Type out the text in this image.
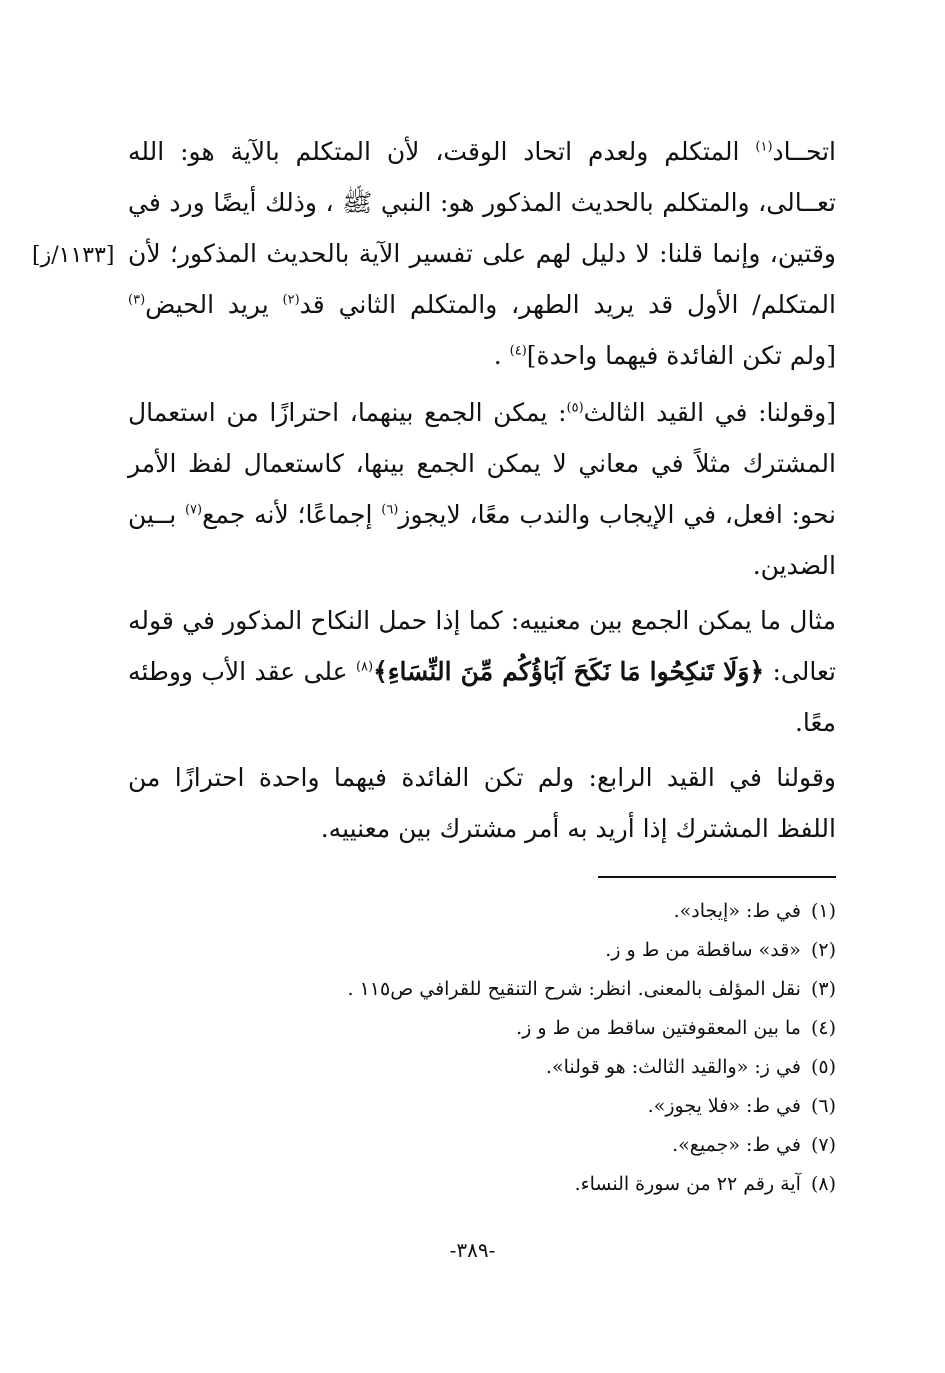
[١١٣٣/ز]

اتحــاد$^{(١)}$ المتكلم ولعدم اتحاد الوقت، لأن المتكلم بالآية هو: الله تعــالى، والمتكلم بالحديث المذكور هو: النبي ﷺ ، وذلك أيضًا ورد في وقتين، وإنما قلنا: لا دليل لهم على تفسير الآية بالحديث المذكور؛ لأن المتكلم/ الأول قد يريد الطهر، والمتكلم الثاني قد$^{(٢)}$ يريد الحيض$^{(٣)}$ [ولم تكن الفائدة فيهما واحدة]$^{(٤)}$ .

[وقولنا: في القيد الثالث$^{(٥)}$: يمكن الجمع بينهما، احترازًا من استعمال المشترك مثلاً في معاني لا يمكن الجمع بينها، كاستعمال لفظ الأمر نحو: افعل، في الإيجاب والندب معًا، لايجوز$^{(٦)}$ إجماعًا؛ لأنه جمع$^{(٧)}$ بــين الضدين.

مثال ما يمكن الجمع بين معنييه: كما إذا حمل النكاح المذكور في قوله تعالى: ﴿وَلَا تَنكِحُوا مَا نَكَحَ آبَاؤُكُم مِّنَ النِّسَاءِ﴾$^{(٨)}$ على عقد الأب ووطئه معًا.

وقولنا في القيد الرابع: ولم تكن الفائدة فيهما واحدة احترازًا من اللفظ المشترك إذا أريد به أمر مشترك بين معنييه.

(١)في ط: «إيجاد».
(٢)«قد» ساقطة من ط و ز.
(٣)نقل المؤلف بالمعنى. انظر: شرح التنقيح للقرافي ص١١٥ .
(٤)ما بين المعقوفتين ساقط من ط و ز.
(٥)في ز: «والقيد الثالث: هو قولنا».
(٦)في ط: «فلا يجوز».
(٧)في ط: «جميع».
(٨)آية رقم ٢٢ من سورة النساء.

-٣٨٩-
